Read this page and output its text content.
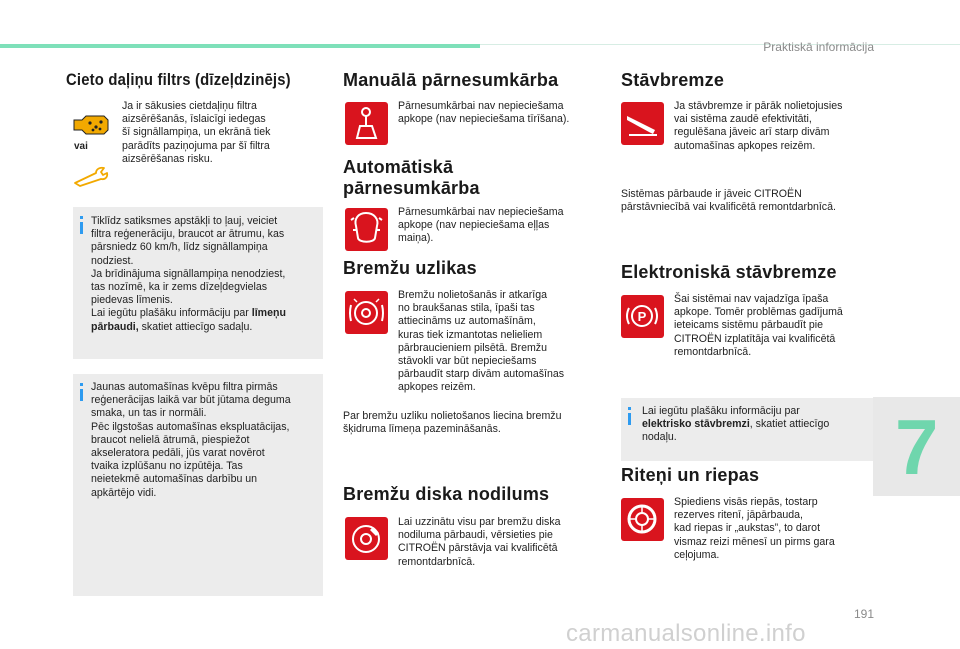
Praktiskā informācija
7
Cieto daļiņu filtrs (dīzeļdzinējs)
vai
Ja ir sākusies cietdaļiņu filtra
aizsērēšanās, īslaicīgi iedegas
šī signāllampiņa, un ekrānā tiek
parādīts paziņojuma par šī filtra
aizsērēšanas risku.
Tiklīdz satiksmes apstākļi to ļauj, veiciet
filtra reģenerāciju, braucot ar ātrumu, kas
pārsniedz 60 km/h, līdz signāllampiņa
nodziest.
Ja brīdinājuma signāllampiņa nenodziest,
tas nozīmē, ka ir zems dīzeļdegvielas
piedevas līmenis.
Lai iegūtu plašāku informāciju par līmeņu
pārbaudi, skatiet attiecīgo sadaļu.
Jaunas automašīnas kvēpu filtra pirmās
reģenerācijas laikā var būt jūtama deguma
smaka, un tas ir normāli.
Pēc ilgstošas automašīnas ekspluatācijas,
braucot nelielā ātrumā, piespiežot
akseleratora pedāli, jūs varat novērot
tvaika izplūšanu no izpūtēja. Tas
neietekmē automašīnas darbību un
apkārtējo vidi.
Manuālā pārnesumkārba
Pārnesumkārbai nav nepieciešama
apkope (nav nepieciešama tīrīšana).
Automātiskā
pārnesumkārba
Pārnesumkārbai nav nepieciešama
apkope (nav nepieciešama eļļas
maiņa).
Bremžu uzlikas
Bremžu nolietošanās ir atkarīga
no braukšanas stila, īpaši tas
attiecināms uz automašīnām,
kuras tiek izmantotas nelieliem
pārbraucieniem pilsētā. Bremžu
stāvokli var būt nepieciešams
pārbaudīt starp divām automašīnas
apkopes reizēm.
Par bremžu uzliku nolietošanos liecina bremžu
šķidruma līmeņa pazemināšanās.
Bremžu diska nodilums
Lai uzzinātu visu par bremžu diska
nodiluma pārbaudi, vērsieties pie
CITROËN pārstāvja vai kvalificētā
remontdarbnīcā.
Stāvbremze
Ja stāvbremze ir pārāk nolietojusies
vai sistēma zaudē efektivitāti,
regulēšana jāveic arī starp divām
automašīnas apkopes reizēm.
Sistēmas pārbaude ir jāveic CITROËN
pārstāvniecībā vai kvalificētā remontdarbnīcā.
Elektroniskā stāvbremze
P
Šai sistēmai nav vajadzīga īpaša
apkope. Tomēr problēmas gadījumā
ieteicams sistēmu pārbaudīt pie
CITROËN izplatītāja vai kvalificētā
remontdarbnīcā.
Lai iegūtu plašāku informāciju par
elektrisko stāvbremzi, skatiet attiecīgo
nodaļu.
Riteņi un riepas
Spiediens visās riepās, tostarp
rezerves ritenī, jāpārbauda,
kad riepas ir „aukstas”, to darot
vismaz reizi mēnesī un pirms gara
ceļojuma.
191
carmanualsonline.info
